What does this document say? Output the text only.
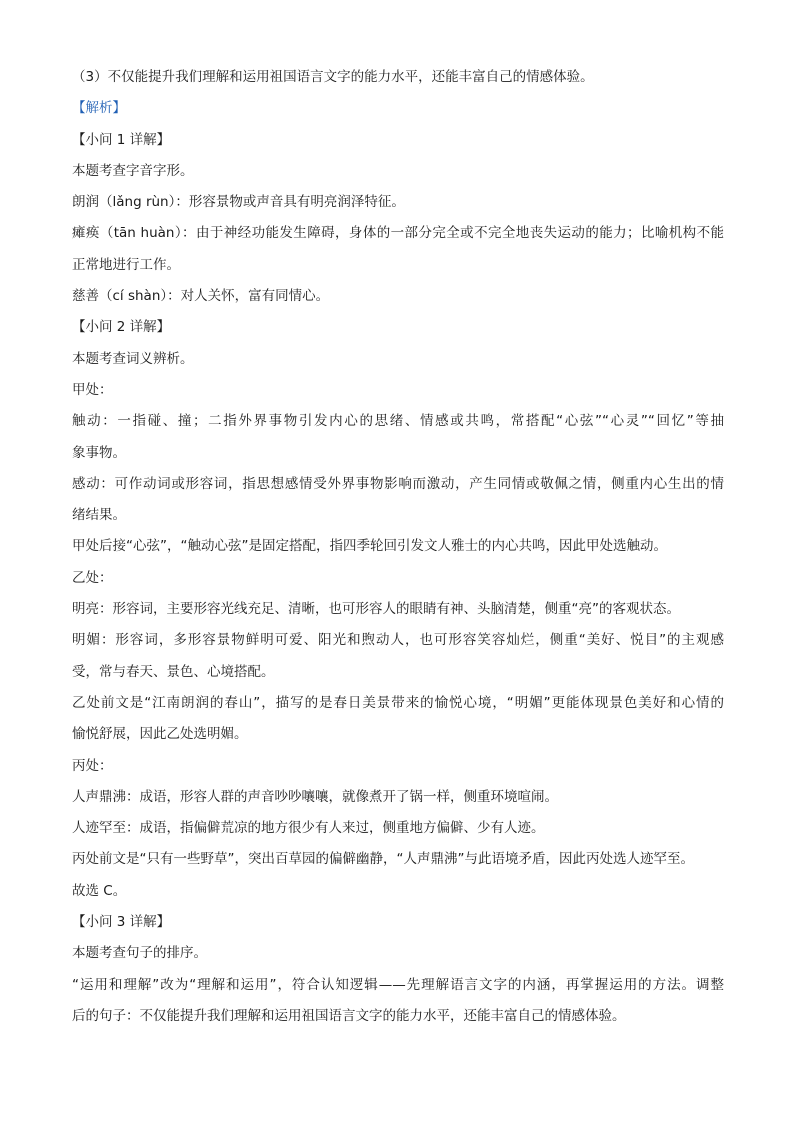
（3）不仅能提升我们理解和运用祖国语言文字的能力水平，还能丰富自己的情感体验。
【解析】
【小问 1 详解】
本题考查字音字形。
朗润（lǎng rùn）：形容景物或声音具有明亮润泽特征。
瘫痪（tān huàn）：由于神经功能发生障碍，身体的一部分完全或不完全地丧失运动的能力；比喻机构不能
正常地进行工作。
慈善（cí shàn）：对人关怀，富有同情心。
【小问 2 详解】
本题考查词义辨析。
甲处：
触动：一指碰、撞；二指外界事物引发内心的思绪、情感或共鸣，常搭配“心弦”“心灵”“回忆”等抽
象事物。
感动：可作动词或形容词，指思想感情受外界事物影响而激动，产生同情或敬佩之情，侧重内心生出的情
绪结果。
甲处后接“心弦”，“触动心弦”是固定搭配，指四季轮回引发文人雅士的内心共鸣，因此甲处选触动。
乙处：
明亮：形容词，主要形容光线充足、清晰，也可形容人的眼睛有神、头脑清楚，侧重“亮”的客观状态。
明媚：形容词，多形容景物鲜明可爱、阳光和煦动人，也可形容笑容灿烂，侧重“美好、悦目”的主观感
受，常与春天、景色、心境搭配。
乙处前文是“江南朗润的春山”，描写的是春日美景带来的愉悦心境，“明媚”更能体现景色美好和心情的
愉悦舒展，因此乙处选明媚。
丙处：
人声鼎沸：成语，形容人群的声音吵吵嚷嚷，就像煮开了锅一样，侧重环境喧闹。
人迹罕至：成语，指偏僻荒凉的地方很少有人来过，侧重地方偏僻、少有人迹。
丙处前文是“只有一些野草”，突出百草园的偏僻幽静，“人声鼎沸”与此语境矛盾，因此丙处选人迹罕至。
故选 C。
【小问 3 详解】
本题考查句子的排序。
“运用和理解”改为“理解和运用”，符合认知逻辑——先理解语言文字的内涵，再掌握运用的方法。调整
后的句子：不仅能提升我们理解和运用祖国语言文字的能力水平，还能丰富自己的情感体验。
